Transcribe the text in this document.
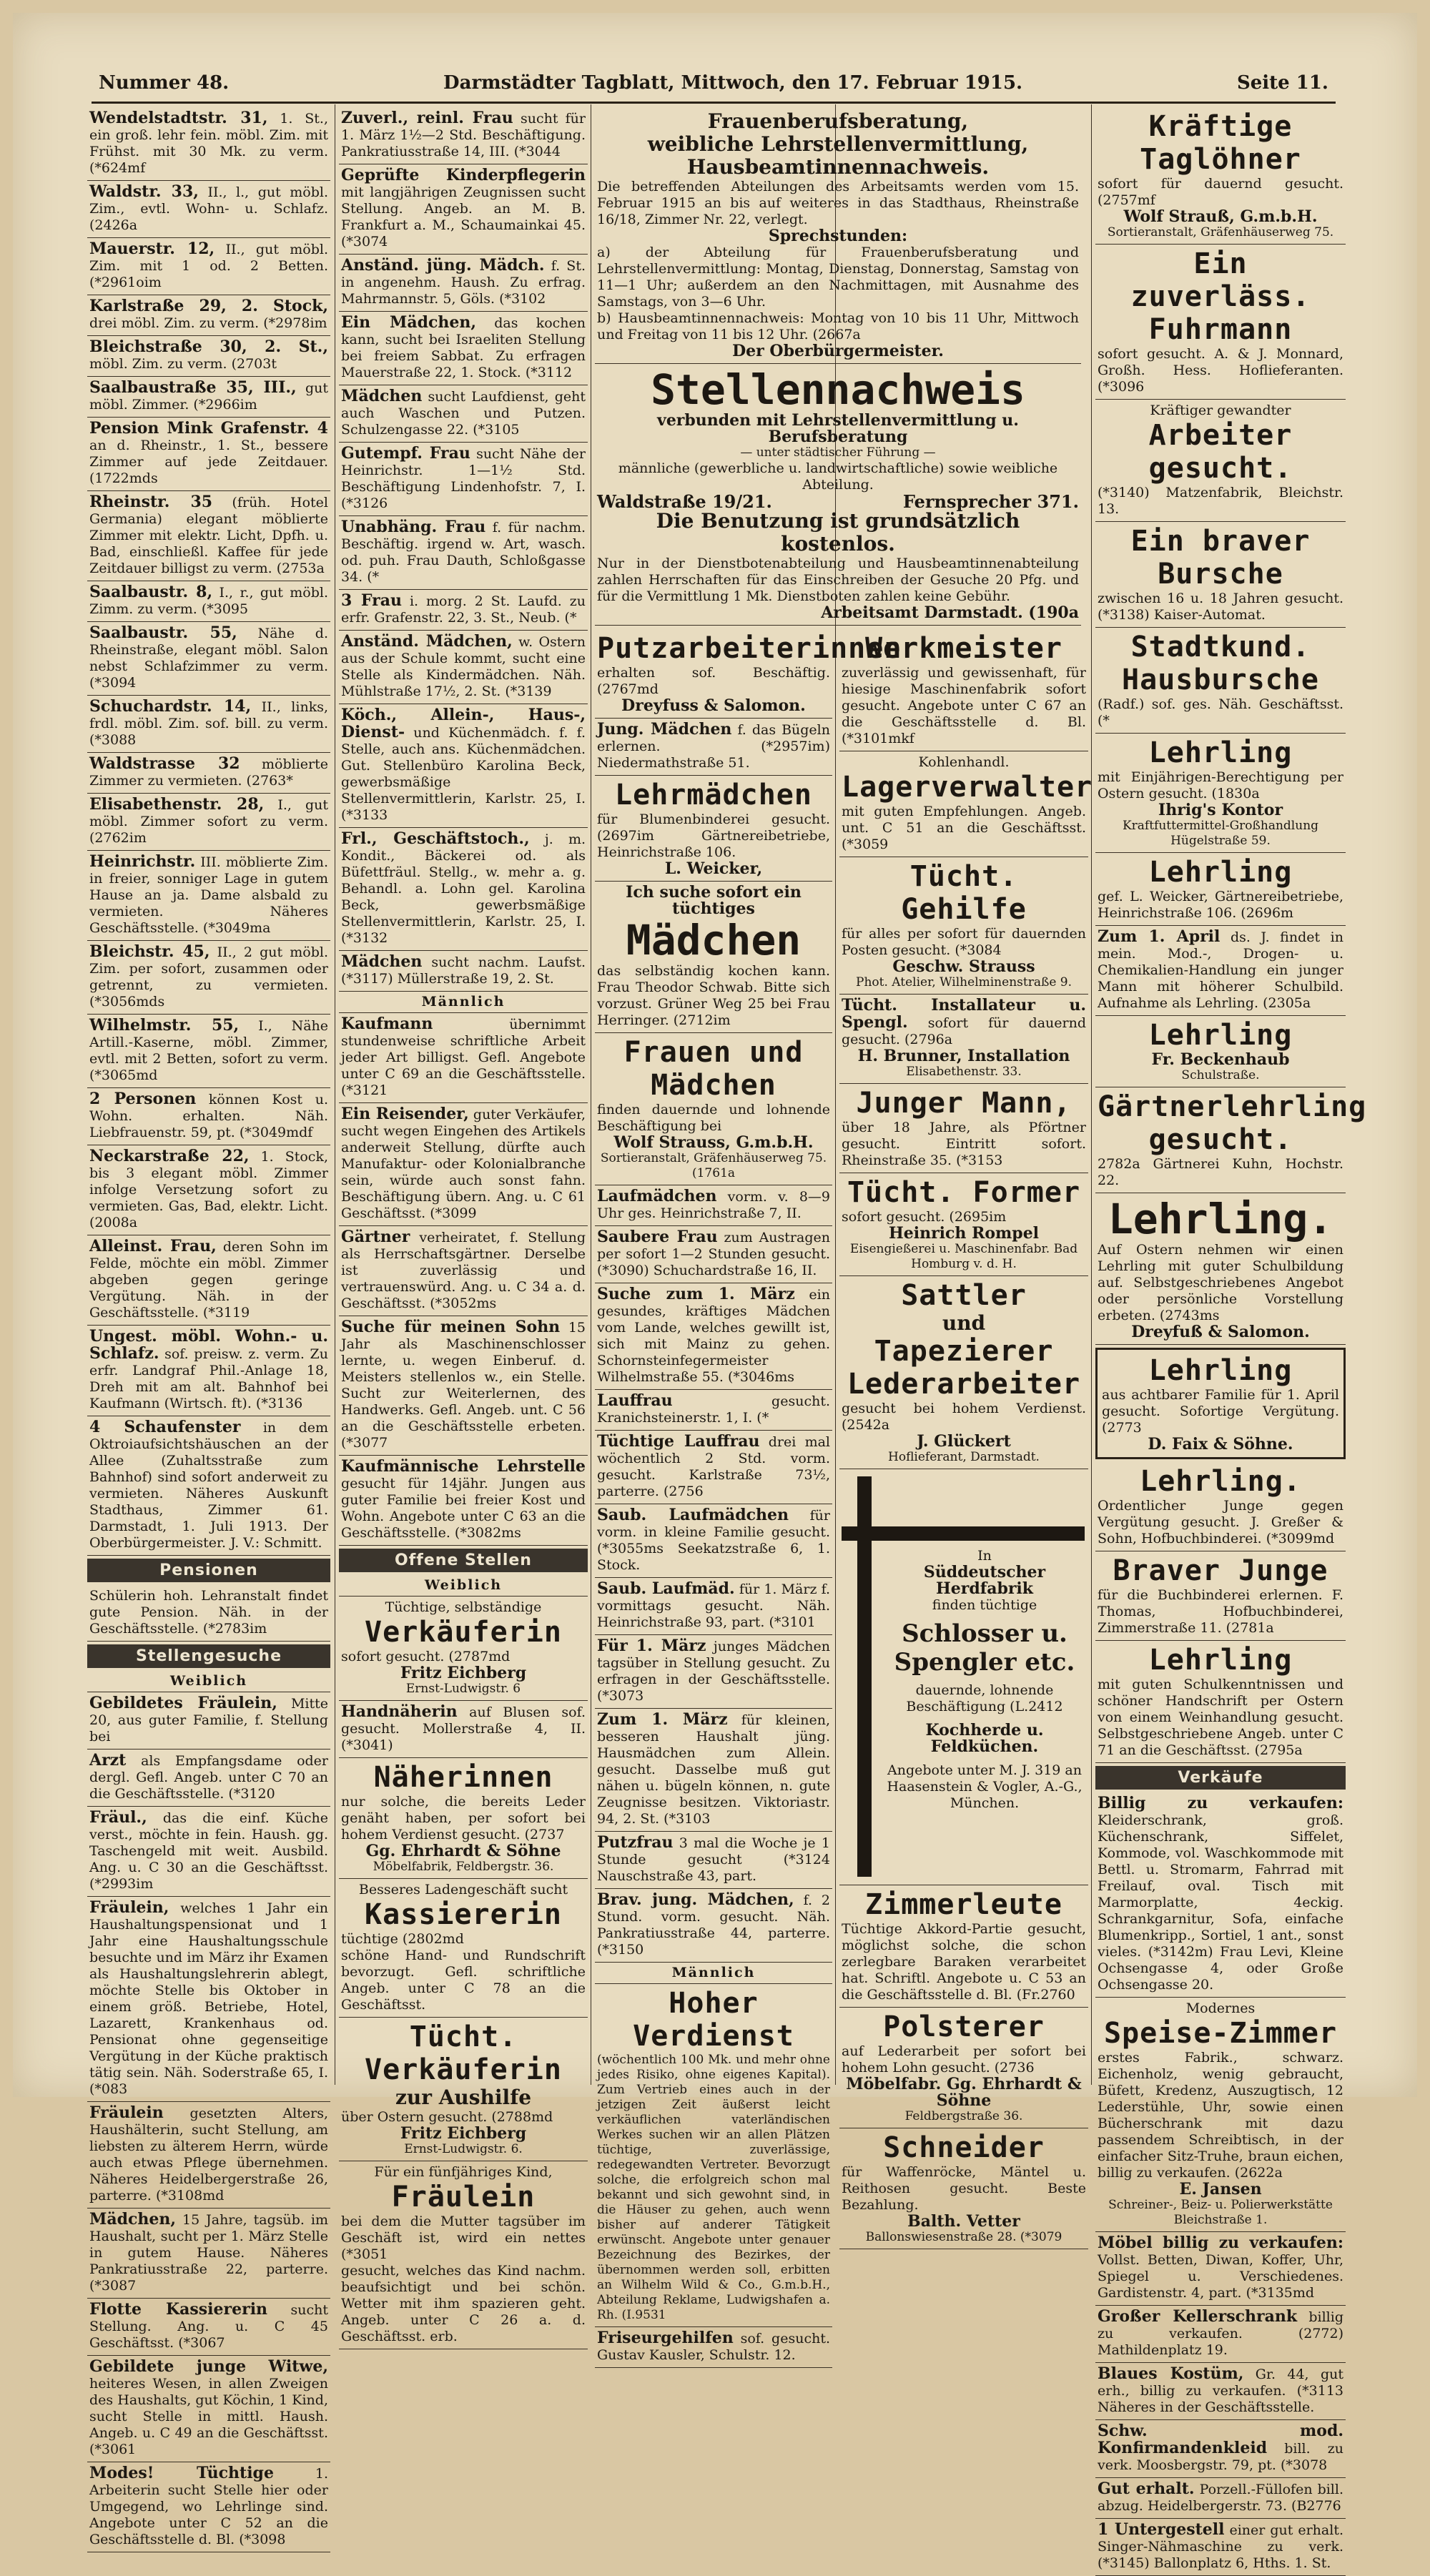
Nummer 48.	Darmstädter Tagblatt, Mittwoch, den 17. Februar 1915.	Seite 11.

Wendelstadtstr. 31, 1. St., ein groß. lehr fein. möbl. Zim. mit Frühst. mit 30 Mk. zu verm. (*624mf

Waldstr. 33, II., l., gut möbl. Zim., evtl. Wohn- u. Schlafz. (2426a

Mauerstr. 12, II., gut möbl. Zim. mit 1 od. 2 Betten. (*2961oim

Karlstraße 29, 2. Stock, drei möbl. Zim. zu verm. (*2978im

Bleichstraße 30, 2. St., möbl. Zim. zu verm. (2703t

Saalbaustraße 35, III., gut möbl. Zimmer. (*2966im

Pension Mink Grafenstr. 4 an d. Rheinstr., 1. St., bessere Zimmer auf jede Zeitdauer. (1722mds

Rheinstr. 35 (früh. Hotel Germania) elegant möblierte Zimmer mit elektr. Licht, Dpfh. u. Bad, einschließl. Kaffee für jede Zeitdauer billigst zu verm. (2753a

Saalbaustr. 8, I., r., gut möbl. Zimm. zu verm. (*3095

Saalbaustr. 55, Nähe d. Rheinstraße, elegant möbl. Salon nebst Schlafzimmer zu verm. (*3094

Schuchardstr. 14, II., links, frdl. möbl. Zim. sof. bill. zu verm. (*3088

Waldstrasse 32 möblierte Zimmer zu vermieten. (2763*

Elisabethenstr. 28, I., gut möbl. Zimmer sofort zu verm. (2762im

Heinrichstr. III. möblierte Zim. in freier, sonniger Lage in gutem Hause an ja. Dame alsbald zu vermieten. Näheres Geschäftsstelle. (*3049ma

Bleichstr. 45, II., 2 gut möbl. Zim. per sofort, zusammen oder getrennt, zu vermieten. (*3056mds

Wilhelmstr. 55, I., Nähe Artill.-Kaserne, möbl. Zimmer, evtl. mit 2 Betten, sofort zu verm. (*3065md

2 Personen können Kost u. Wohn. erhalten. Näh. Liebfrauenstr. 59, pt. (*3049mdf

Neckarstraße 22, 1. Stock, bis 3 elegant möbl. Zimmer infolge Versetzung sofort zu vermieten. Gas, Bad, elektr. Licht. (2008a

Alleinst. Frau, deren Sohn im Felde, möchte ein möbl. Zimmer abgeben gegen geringe Vergütung. Näh. in der Geschäftsstelle. (*3119

Ungest. möbl. Wohn.- u. Schlafz. sof. preisw. z. verm. Zu erfr. Landgraf Phil.-Anlage 18, Dreh mit am alt. Bahnhof bei Kaufmann (Wirtsch. ft). (*3136

4 Schaufenster in dem Oktroiaufsichtshäuschen an der Allee (Zuhaltsstraße zum Bahnhof) sind sofort anderweit zu vermieten. Näheres Auskunft Stadthaus, Zimmer 61. Darmstadt, 1. Juli 1913. Der Oberbürgermeister. J. V.: Schmitt.

Pensionen

Schülerin hoh. Lehranstalt findet gute Pension. Näh. in der Geschäftsstelle. (*2783im

Stellengesuche
Weiblich

Gebildetes Fräulein, Mitte 20, aus guter Familie, f. Stellung bei

Arzt als Empfangsdame oder dergl. Gefl. Angeb. unter C 70 an die Geschäftsstelle. (*3120

Fräul., das die einf. Küche verst., möchte in fein. Haush. gg. Taschengeld mit weit. Ausbild. Ang. u. C 30 an die Geschäftsst. (*2993im

Fräulein, welches 1 Jahr ein Haushaltungspensionat und 1 Jahr eine Haushaltungsschule besuchte und im März ihr Examen als Haushaltungslehrerin ablegt, möchte Stelle bis Oktober in einem größ. Betriebe, Hotel, Lazarett, Krankenhaus od. Pensionat ohne gegenseitige Vergütung in der Küche praktisch tätig sein. Näh. Soderstraße 65, I. (*083

Fräulein gesetzten Alters, Haushälterin, sucht Stellung, am liebsten zu älterem Herrn, würde auch etwas Pflege übernehmen. Näheres Heidelbergerstraße 26, parterre. (*3108md

Mädchen, 15 Jahre, tagsüb. im Haushalt, sucht per 1. März Stelle in gutem Hause. Näheres Pankratiusstraße 22, parterre. (*3087

Flotte Kassiererin sucht Stellung. Ang. u. C 45 Geschäftsst. (*3067

Gebildete junge Witwe, heiteres Wesen, in allen Zweigen des Haushalts, gut Köchin, 1 Kind, sucht Stelle in mittl. Haush. Angeb. u. C 49 an die Geschäftsst. (*3061

Modes! Tüchtige	1. Arbeiterin sucht Stelle hier oder Umgegend, wo Lehrlinge sind. Angebote unter C 52 an die Geschäftsstelle d. Bl. (*3098

Zuverl., reinl. Frau sucht für 1. März 1½—2 Std. Beschäftigung. Pankratiusstraße 14, III. (*3044

Geprüfte Kinderpflegerin mit langjährigen Zeugnissen sucht Stellung. Angeb. an M. B. Frankfurt a. M., Schaumainkai 45. (*3074

Anständ. jüng. Mädch. f. St. in angenehm. Haush. Zu erfrag. Mahrmannstr. 5, Göls. (*3102

Ein Mädchen, das kochen kann, sucht bei Israeliten Stellung bei freiem Sabbat. Zu erfragen Mauerstraße 22, 1. Stock. (*3112

Mädchen sucht Laufdienst, geht auch Waschen und Putzen. Schulzengasse 22. (*3105

Gutempf. Frau sucht Nähe der Heinrichstr. 1—1½ Std. Beschäftigung Lindenhofstr. 7, I. (*3126

Unabhäng. Frau f. für nachm. Beschäftig. irgend w. Art, wasch. od. puh. Frau Dauth, Schloßgasse 34. (*

3 Frau i. morg. 2 St. Laufd. zu erfr. Grafenstr. 22, 3. St., Neub. (*

Anständ. Mädchen, w. Ostern aus der Schule kommt, sucht eine Stelle als Kindermädchen. Näh. Mühlstraße 17½, 2. St. (*3139

Köch., Allein-, Haus-, Dienst- und Küchenmädch. f. f. Stelle, auch ans. Küchenmädchen. Gut. Stellenbüro Karolina Beck, gewerbsmäßige Stellenvermittlerin, Karlstr. 25, I. (*3133

Frl., Geschäftstoch., j. m. Kondit., Bäckerei od. als Büfettfräul. Stellg., w. mehr a. g. Behandl. a. Lohn gel. Karolina Beck, gewerbsmäßige Stellenvermittlerin, Karlstr. 25, I. (*3132

Mädchen sucht nachm. Laufst. (*3117) Müllerstraße 19, 2. St.

Männlich

Kaufmann	übernimmt stundenweise schriftliche Arbeit jeder Art billigst. Gefl. Angebote unter C 69 an die Geschäftsstelle. (*3121

Ein Reisender, guter Verkäufer, sucht wegen Eingehen des Artikels anderweit Stellung, dürfte auch Manufaktur- oder Kolonialbranche sein, würde auch sonst fahn. Beschäftigung übern. Ang. u. C 61 Geschäftsst. (*3099

Gärtner verheiratet, f. Stellung als Herrschaftsgärtner. Derselbe ist zuverlässig und vertrauenswürd. Ang. u. C 34 a. d. Geschäftsst. (*3052ms

Suche für meinen Sohn 15 Jahr als Maschinenschlosser lernte, u. wegen Einberuf. d. Meisters stellenlos w., ein Stelle. Sucht zur Weiterlernen, des Handwerks. Gefl. Angeb. unt. C 56 an die Geschäftsstelle erbeten. (*3077

Kaufmännische Lehrstelle gesucht für 14jähr. Jungen aus guter Familie bei freier Kost und Wohn. Angebote unter C 63 an die Geschäftsstelle. (*3082ms

Offene Stellen
Weiblich
Tüchtige, selbständige
Verkäuferin

sofort gesucht. (2787md

Fritz Eichberg
Ernst-Ludwigstr. 6

Handnäherin auf Blusen sof. gesucht. Mollerstraße 4, II. (*3041)

Näherinnen

nur solche, die bereits Leder genäht haben, per sofort bei hohem Verdienst gesucht. (2737

Gg. Ehrhardt & Söhne
Möbelfabrik, Feldbergstr. 36.
Besseres Ladengeschäft sucht
Kassiererin

tüchtige (2802md

schöne Hand- und Rundschrift bevorzugt. Gefl. schriftliche Angeb. unter C 78 an die Geschäftsst.

Tücht. Verkäuferin
zur Aushilfe

über Ostern gesucht. (2788md

Fritz Eichberg
Ernst-Ludwigstr. 6.
Für ein fünfjähriges Kind,
Fräulein

bei dem die Mutter tagsüber im Geschäft ist, wird ein nettes (*3051

gesucht, welches das Kind nachm. beaufsichtigt und bei schön. Wetter mit ihm spazieren geht. Angeb. unter C 26 a. d. Geschäftsst. erb.

Frauenberufsberatung,
weibliche Lehrstellenvermittlung,
Hausbeamtinnennachweis.

Die betreffenden Abteilungen des Arbeitsamts werden vom 15. Februar 1915 an bis auf weiteres in das Stadthaus, Rheinstraße 16/18, Zimmer Nr. 22, verlegt.

Sprechstunden:

a) der Abteilung für Frauenberufsberatung und Lehrstellenvermittlung: Montag, Dienstag, Donnerstag, Samstag von 11—1 Uhr; außerdem an den Nachmittagen, mit Ausnahme des Samstags, von 3—6 Uhr.

b) Hausbeamtinnennachweis: Montag von 10 bis 11 Uhr, Mittwoch und Freitag von 11 bis 12 Uhr. (2667a

Der Oberbürgermeister.
Stellennachweis
verbunden mit Lehrstellenvermittlung u. Berufsberatung
— unter städtischer Führung —
männliche (gewerbliche u. landwirtschaftliche) sowie weibliche Abteilung.
Waldstraße 19/21.	Fernsprecher 371.
Die Benutzung ist grundsätzlich kostenlos.

Nur in der Dienstbotenabteilung und Hausbeamtinnenabteilung zahlen Herrschaften für das Einschreiben der Gesuche 20 Pfg. und für die Vermittlung 1 Mk. Dienstboten zahlen keine Gebühr.

Arbeitsamt Darmstadt. (190a
Putzarbeiterinnen

erhalten sof. Beschäftig. (2767md

Dreyfuss & Salomon.

Jung. Mädchen f. das Bügeln erlernen. (*2957im) Niedermathstraße 51.

Lehrmädchen

für Blumenbinderei gesucht. (2697im Gärtnereibetriebe, Heinrichstraße 106.

L. Weicker,
Ich suche sofort ein tüchtiges
Mädchen

das selbständig kochen kann. Frau Theodor Schwab. Bitte sich vorzust. Grüner Weg 25 bei Frau Herringer. (2712im

Frauen und Mädchen

finden dauernde und lohnende Beschäftigung bei

Wolf Strauss, G.m.b.H.
Sortieranstalt, Gräfenhäuserweg 75. (1761a

Laufmädchen vorm. v. 8—9 Uhr ges. Heinrichstraße 7, II.

Saubere Frau zum Austragen per sofort 1—2 Stunden gesucht. (*3090) Schuchardstraße 16, II.

Suche zum 1. März ein gesundes, kräftiges Mädchen vom Lande, welches gewillt ist, sich mit Mainz zu gehen. Schornsteinfegermeister Wilhelmstraße 55. (*3046ms

Lauffrau	gesucht. Kranichsteinerstr. 1, I. (*

Tüchtige Lauffrau drei mal wöchentlich 2 Std. vorm. gesucht. Karlstraße 73½, parterre. (2756

Saub. Laufmädchen für vorm. in kleine Familie gesucht. (*3055ms Seekatzstraße 6, 1. Stock.

Saub. Laufmäd. für 1. März f. vormittags gesucht. Näh. Heinrichstraße 93, part. (*3101

Für 1. März junges Mädchen tagsüber in Stellung gesucht. Zu erfragen in der Geschäftsstelle. (*3073

Zum 1. März für kleinen, besseren Haushalt jüng. Hausmädchen zum Allein. gesucht. Dasselbe muß gut nähen u. bügeln können, n. gute Zeugnisse besitzen. Viktoriastr. 94, 2. St. (*3103

Putzfrau 3 mal die Woche je 1 Stunde gesucht (*3124 Nauschstraße 43, part.

Brav. jung. Mädchen, f. 2 Stund. vorm. gesucht. Näh. Pankratiusstraße 44, parterre. (*3150

Männlich
Hoher Verdienst

(wöchentlich 100 Mk. und mehr ohne jedes Risiko, ohne eigenes Kapital). Zum Vertrieb eines auch in der jetzigen Zeit äußerst leicht verkäuflichen vaterländischen Werkes suchen wir an allen Plätzen tüchtige, zuverlässige, redegewandten Vertreter. Bevorzugt solche, die erfolgreich schon mal bekannt und sich gewohnt sind, in die Häuser zu gehen, auch wenn bisher auf anderer Tätigkeit erwünscht. Angebote unter genauer Bezeichnung des Bezirkes, der übernommen werden soll, erbitten an Wilhelm Wild & Co., G.m.b.H., Abteilung Reklame, Ludwigshafen a. Rh. (I.9531

Friseurgehilfen sof. gesucht. Gustav Kausler, Schulstr. 12.

Werkmeister

zuverlässig und gewissenhaft, für hiesige Maschinenfabrik sofort gesucht. Angebote unter C 67 an die Geschäftsstelle d. Bl. (*3101mkf

Kohlenhandl.
Lagerverwalter

mit guten Empfehlungen. Angeb. unt. C 51 an die Geschäftsst. (*3059

Tücht. Gehilfe

für alles per sofort für dauernden Posten gesucht. (*3084

Geschw. Strauss
Phot. Atelier, Wilhelminenstraße 9.

Tücht. Installateur u. Spengl. sofort für dauernd gesucht. (2796a

H. Brunner, Installation
Elisabethenstr. 33.
Junger Mann,

über 18 Jahre, als Pförtner gesucht. Eintritt sofort. Rheinstraße 35. (*3153

Tücht. Former

sofort gesucht. (2695im

Heinrich Rompel
Eisengießerei u. Maschinenfabr. Bad Homburg v. d. H.
Sattler
und
Tapezierer
Lederarbeiter

gesucht bei hohem Verdienst. (2542a

J. Glückert
Hoflieferant, Darmstadt.
In
Süddeutscher Herdfabrik
finden tüchtige
Schlosser u. Spengler etc.
dauernde, lohnende Beschäftigung (L.2412
Kochherde u. Feldküchen.
Angebote unter M. J. 319 an Haasenstein & Vogler, A.-G., München.
Zimmerleute

Tüchtige Akkord-Partie gesucht, möglichst solche, die schon zerlegbare Baraken verarbeitet hat. Schriftl. Angebote u. C 53 an die Geschäftsstelle d. Bl. (Fr.2760

Polsterer

auf Lederarbeit per sofort bei hohem Lohn gesucht. (2736

Möbelfabr. Gg. Ehrhardt & Söhne
Feldbergstraße 36.
Schneider

für Waffenröcke, Mäntel u. Reithosen gesucht. Beste Bezahlung.

Balth. Vetter
Ballonswiesenstraße 28. (*3079
Kräftige Taglöhner

sofort für dauernd gesucht. (2757mf

Wolf Strauß, G.m.b.H.
Sortieranstalt, Gräfenhäuserweg 75.
Ein zuverläss. Fuhrmann

sofort gesucht. A. & J. Monnard, Großh. Hess. Hoflieferanten. (*3096

Kräftiger gewandter
Arbeiter gesucht.

(*3140) Matzenfabrik, Bleichstr. 13.

Ein braver Bursche

zwischen 16 u. 18 Jahren gesucht. (*3138) Kaiser-Automat.

Stadtkund. Hausbursche

(Radf.) sof. ges. Näh. Geschäftsst. (*

Lehrling

mit Einjährigen-Berechtigung per Ostern gesucht. (1830a

Ihrig's Kontor
Kraftfuttermittel-Großhandlung Hügelstraße 59.
Lehrling

gef. L. Weicker, Gärtnereibetriebe, Heinrichstraße 106. (2696m

Zum 1. April ds. J. findet in mein. Mod.-, Drogen- u. Chemikalien-Handlung ein junger Mann mit höherer Schulbild. Aufnahme als Lehrling. (2305a

Lehrling
Fr. Beckenhaub
Schulstraße.
Gärtnerlehrling gesucht.

2782a Gärtnerei Kuhn, Hochstr. 22.

Lehrling.

Auf Ostern nehmen wir einen Lehrling mit guter Schulbildung auf. Selbstgeschriebenes Angebot oder persönliche Vorstellung erbeten. (2743ms

Dreyfuß & Salomon.
Lehrling

aus achtbarer Familie für 1. April gesucht. Sofortige Vergütung. (2773

D. Faix & Söhne.
Lehrling.

Ordentlicher Junge gegen Vergütung gesucht. J. Greßer & Sohn, Hofbuchbinderei. (*3099md

Braver Junge

für die Buchbinderei erlernen. F. Thomas, Hofbuchbinderei, Zimmerstraße 11. (2781a

Lehrling

mit guten Schulkenntnissen und schöner Handschrift per Ostern von einem Weinhandlung gesucht. Selbstgeschriebene Angeb. unter C 71 an die Geschäftsst. (2795a

Verkäufe

Billig zu verkaufen: Kleiderschrank, groß. Küchenschrank, Siffelet, Kommode, vol. Waschkommode mit Bettl. u. Stromarm, Fahrrad mit Freilauf, oval. Tisch mit Marmorplatte, 4eckig. Schrankgarnitur, Sofa, einfache Blumenkripp., Sortiel, 1 ant., sonst vieles. (*3142m) Frau Levi, Kleine Ochsengasse 4, oder Große Ochsengasse 20.

Modernes
Speise-Zimmer

erstes Fabrik., schwarz. Eichenholz, wenig gebraucht, Büfett, Kredenz, Auszugtisch, 12 Lederstühle, Uhr, sowie einen Bücherschrank mit dazu passendem Schreibtisch, in der einfacher Sitz-Truhe, braun eichen, billig zu verkaufen. (2622a

E. Jansen
Schreiner-, Beiz- u. Polierwerkstätte Bleichstraße 1.

Möbel billig zu verkaufen: Vollst. Betten, Diwan, Koffer, Uhr, Spiegel u. Verschiedenes. Gardistenstr. 4, part. (*3135md

Großer Kellerschrank billig zu verkaufen. (2772) Mathildenplatz 19.

Blaues Kostüm, Gr. 44, gut erh., billig zu verkaufen. (*3113 Näheres in der Geschäftsstelle.

Schw. mod. Konfirmandenkleid bill. zu verk. Moosbergstr. 79, pt. (*3078

Gut erhalt. Porzell.-Füllofen bill. abzug. Heidelbergerstr. 73. (B2776

1 Untergestell einer gut erhalt. Singer-Nähmaschine zu verk. (*3145) Ballonplatz 6, Hths. 1. St.
